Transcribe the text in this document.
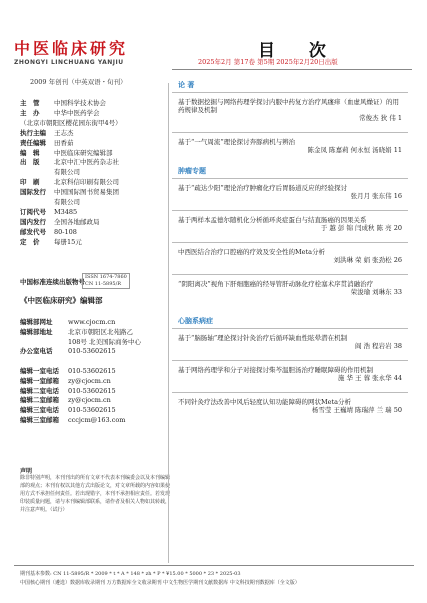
中医临床研究
ZHONGYI LINCHUANG YANJIU
2009 年创刊（中英双语・旬刊）
主　管 中国科学技术协会
主　办 中华中医药学会
（北京市朝阳区樱花园东街甲4号）
执行主编 王志杰
责任编辑 田香茹
编　辑 中医临床研究编辑部
出　版 北京中汇中医药杂志社
有限公司
印　刷 北京科信印刷有限公司
国际发行 中国国际图书贸易集团
有限公司
订阅代号 M3485
国内发行 全国各地邮政局
邮发代号 80-108
定　价 每册15元
中国标准连续出版物号
ISSN 1674-7860
CN 11-5895/R
《中医临床研究》编辑部
编辑部网址 www.cjocm.cn
编辑部地址 北京市朝阳区北苑路乙
108号 北美国际商务中心
办公室电话 010-53602615
编辑一室电话 010-53602615
编辑一室邮箱 zy@cjocm.cn
编辑二室电话 010-53602615
编辑二室邮箱 zy@cjocm.cn
编辑三室电话 010-53602615
编辑三室邮箱 cccjcm@163.com
声明
除非特别声明，本刊刊出的所有文章不代表本刊编委会以及本刊编辑部的观点；本刊有权以其他方式出版论文，对文章所载的内容如果使用方式不承担任何责任。若出现错字，本刊不承担相应责任。若发现印装质量问题，请与本刊编辑部联系，请作者及相关人物如其转载，并注意声明。（试行）
目 次
2025年2月 第17卷 第5期 2025年2月20日出版
论 著
基于数据挖掘与网络药理学探讨内服中药复方治疗风瘙痒（血虚风燥证）的用药规律及机制
常俊杰 狄 伟 1
基于“一气周流”理论探讨奔豚病机与辨治
陈金凤 陈嘉莉 何永恒 汤晓娟 11
肿瘤专题
基于“疏达少阳”理论治疗肿瘤化疗后胃肠道反应的经验探讨
张月月 张东伟 16
基于两样本孟德尔随机化分析循环炎症蛋白与结直肠癌的因果关系
于 越 彭 锦 闫成秋 陈 亮 20
中西医结合治疗口腔癌的疗效及安全性的Meta分析
刘洪琳 荣 娟 张劲松 26
“阴阳离决”视角下肝细胞癌的经导管肝动脉化疗栓塞术序贯消融治疗
荣浚瑜 刘琳东 33
心脑系病症
基于“脑肠轴”理论探讨针灸治疗后循环缺血性眩晕潜在机制
阎 浩 程岩岩 38
基于网络药理学和分子对接探讨柴芩温胆汤治疗睡眠障碍的作用机制
施 华 王 蓉 张永华 44
不同针灸疗法改善中风后轻度认知功能障碍的网状Meta分析
杨雪莹 王巍靖 陈瑞萍 兰 瑞 50
期刊基本参数: CN 11-5895/R * 2009 * t * A * 148 * zh * P * ¥15.00 * 5000 * 23 * 2025-03
中国核心期刊（遴选）数据库收录期刊 万方数据库全文收录期刊 中文生物医学期刊文献数据库 中文科技期刊数据库（全文版）
